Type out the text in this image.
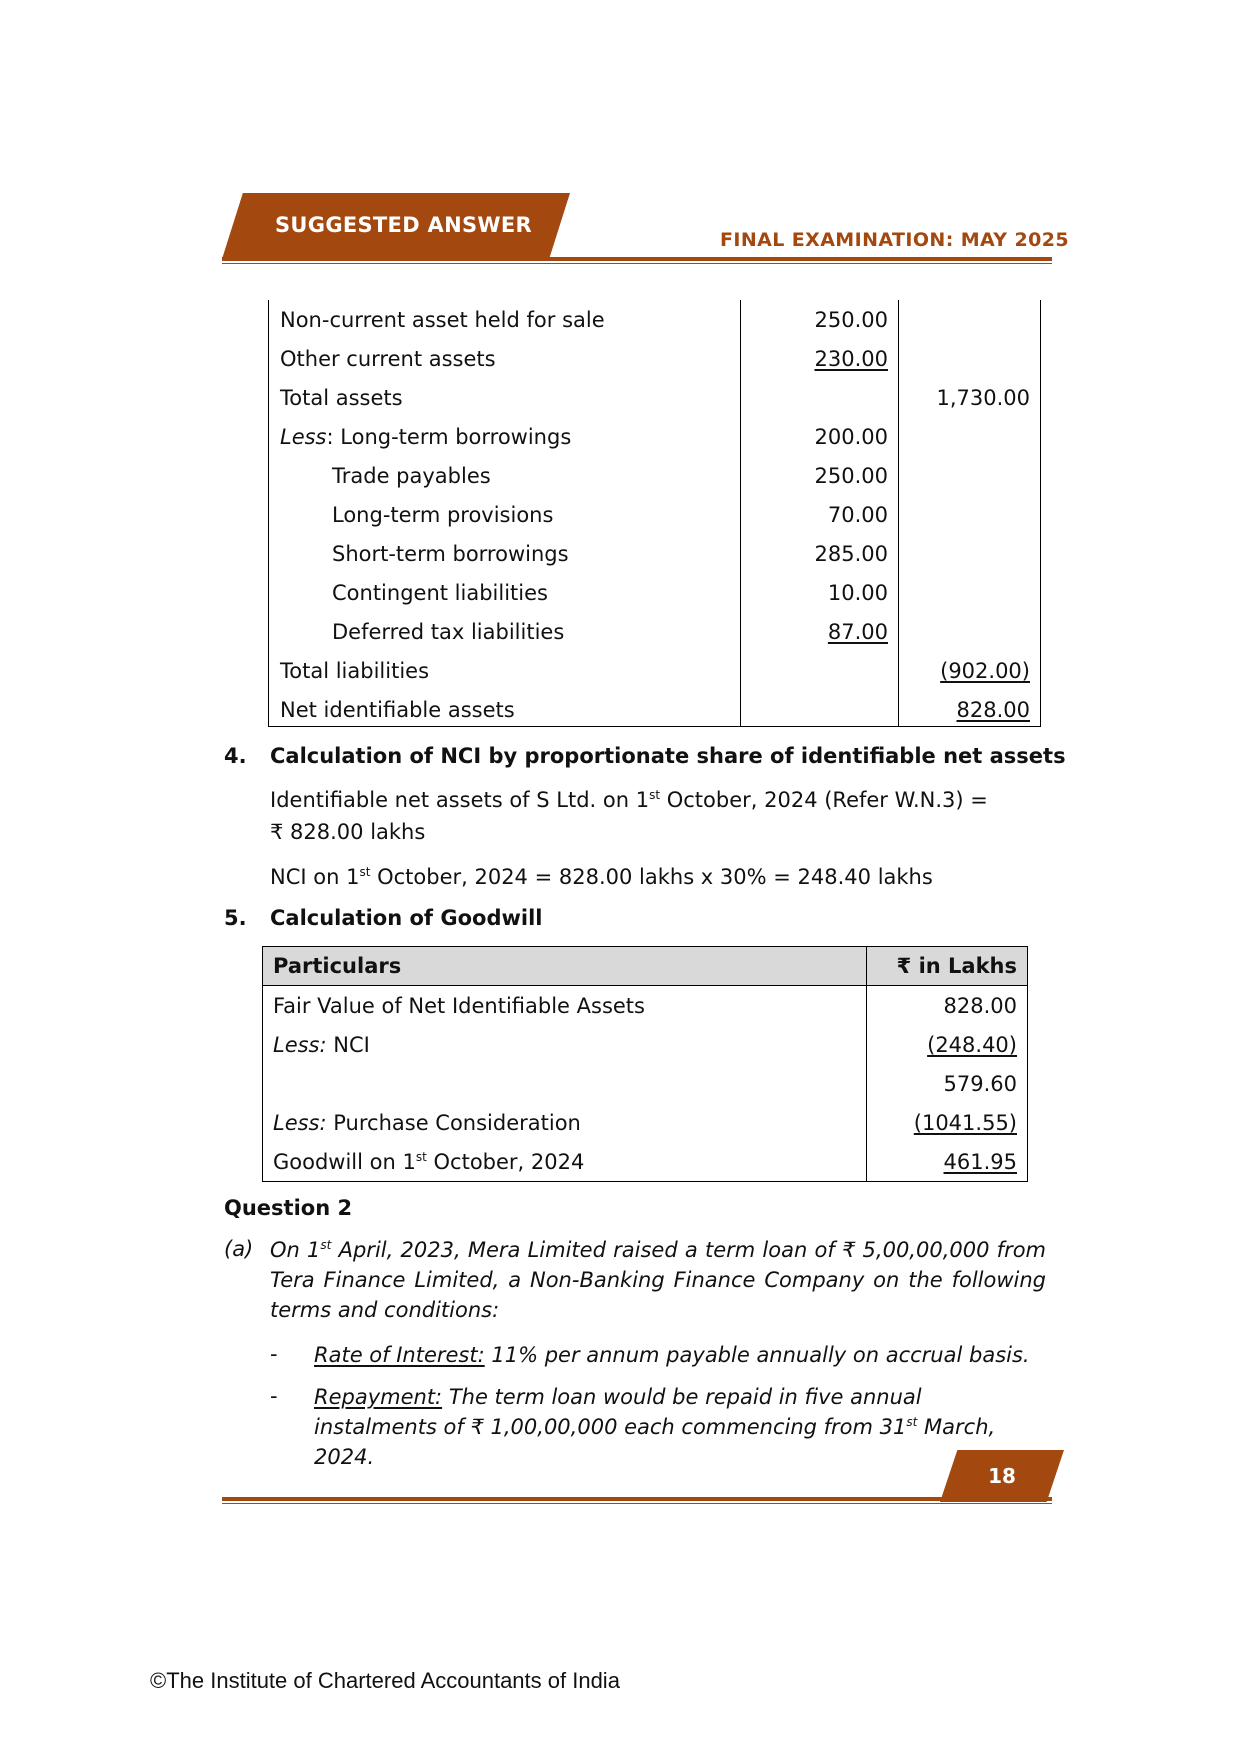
SUGGESTED ANSWER
FINAL EXAMINATION: MAY 2025
Non-current asset held for sale	250.00
Other current assets	230.00
Total assets	1,730.00
Less: Long-term borrowings	200.00
Trade payables	250.00
Long-term provisions	70.00
Short-term borrowings	285.00
Contingent liabilities	10.00
Deferred tax liabilities	87.00
Total liabilities	(902.00)
Net identifiable assets	828.00
4. Calculation of NCI by proportionate share of identifiable net assets
Identifiable net assets of S Ltd. on 1st October, 2024 (Refer W.N.3) =
₹ 828.00 lakhs
NCI on 1st October, 2024 = 828.00 lakhs x 30% = 248.40 lakhs
5. Calculation of Goodwill
Particulars	₹ in Lakhs
Fair Value of Net Identifiable Assets	828.00
Less: NCI	(248.40)
	579.60
Less: Purchase Consideration	(1041.55)
Goodwill on 1st October, 2024	461.95
Question 2
(a) On 1st April, 2023, Mera Limited raised a term loan of ₹ 5,00,00,000 from Tera Finance Limited, a Non-Banking Finance Company on the following terms and conditions:
- Rate of Interest: 11% per annum payable annually on accrual basis.
- Repayment: The term loan would be repaid in five annual instalments of ₹ 1,00,00,000 each commencing from 31st March, 2024.
18
©The Institute of Chartered Accountants of India
